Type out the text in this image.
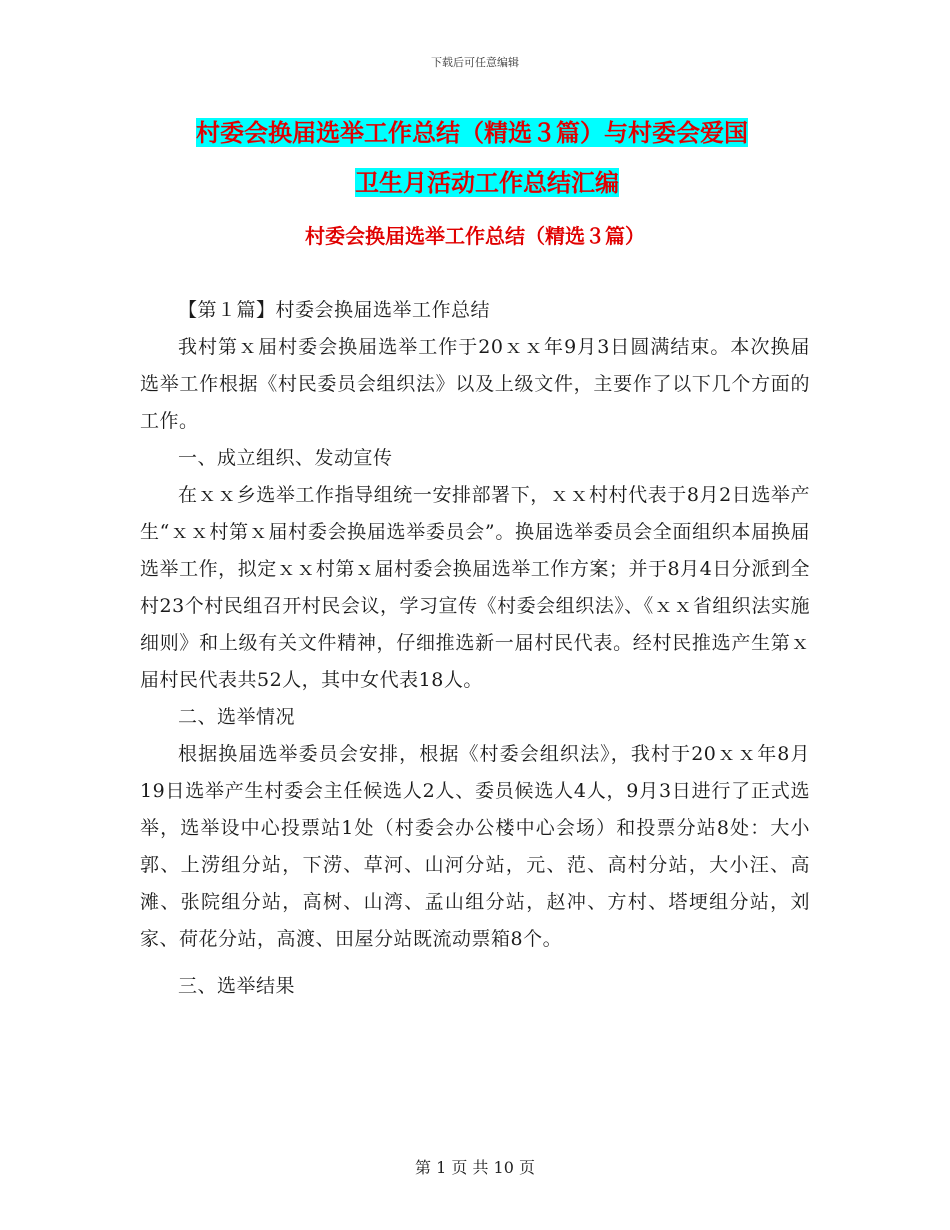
下载后可任意编辑
村委会换届选举工作总结（精选３篇）与村委会爱国
卫生月活动工作总结汇编
村委会换届选举工作总结（精选３篇）

【第１篇】村委会换届选举工作总结

我村第ｘ届村委会换届选举工作于20ｘｘ年9月3日圆满结束。本次换届选举工作根据《村民委员会组织法》以及上级文件，主要作了以下几个方面的工作。

一、成立组织、发动宣传

在ｘｘ乡选举工作指导组统一安排部署下，ｘｘ村村代表于8月2日选举产生“ｘｘ村第ｘ届村委会换届选举委员会”。换届选举委员会全面组织本届换届选举工作，拟定ｘｘ村第ｘ届村委会换届选举工作方案；并于8月4日分派到全村23个村民组召开村民会议，学习宣传《村委会组织法》、《ｘｘ省组织法实施细则》和上级有关文件精神，仔细推选新一届村民代表。经村民推选产生第ｘ届村民代表共52人，其中女代表18人。

二、选举情况

根据换届选举委员会安排，根据《村委会组织法》，我村于20ｘｘ年8月19日选举产生村委会主任候选人2人、委员候选人4人，9月3日进行了正式选举，选举设中心投票站1处（村委会办公楼中心会场）和投票分站8处：大小郭、上涝组分站，下涝、草河、山河分站，元、范、高村分站，大小汪、高滩、张院组分站，高树、山湾、孟山组分站，赵冲、方村、塔埂组分站，刘家、荷花分站，高渡、田屋分站既流动票箱8个。

三、选举结果

第 1 页 共 10 页
